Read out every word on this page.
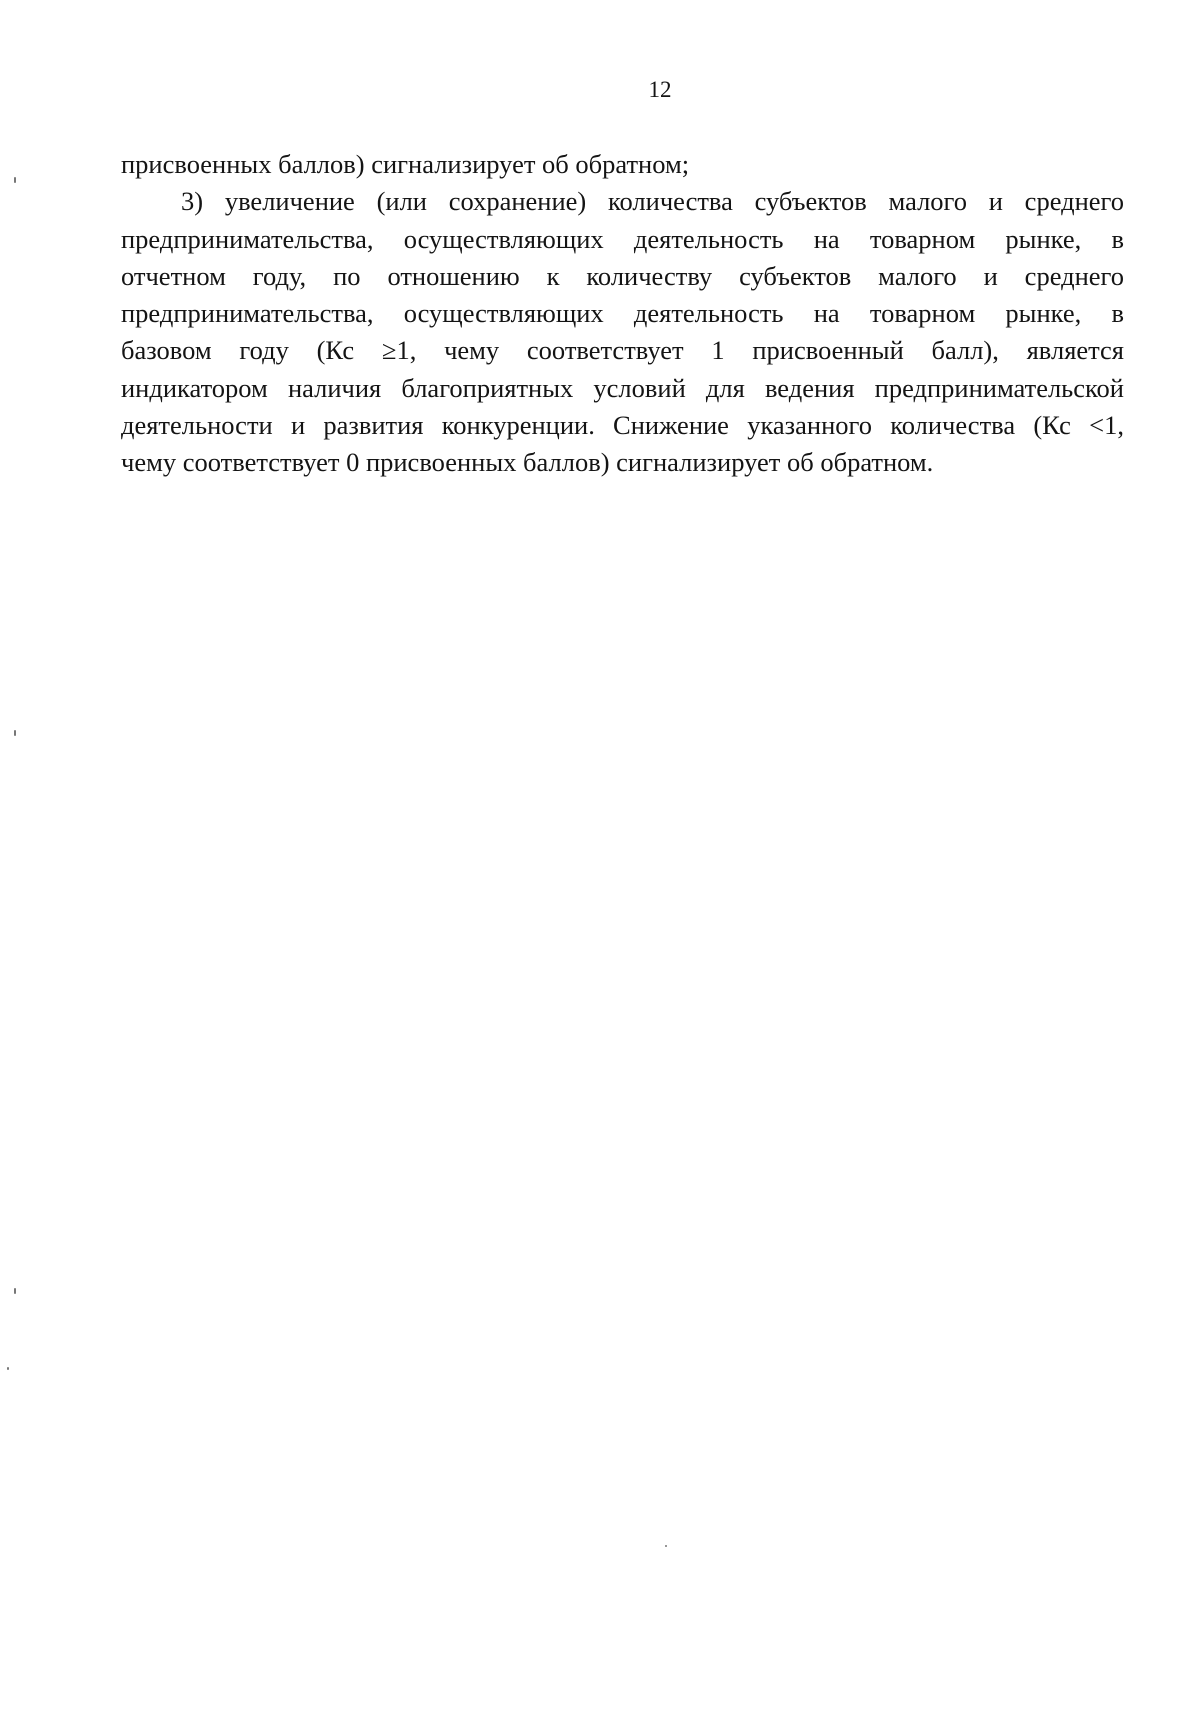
12
присвоенных баллов) сигнализирует об обратном;
3) увеличение (или сохранение) количества субъектов малого и среднего
предпринимательства, осуществляющих деятельность на товарном рынке, в
отчетном году, по отношению к количеству субъектов малого и среднего
предпринимательства, осуществляющих деятельность на товарном рынке, в
базовом году (Кс ≥1, чему соответствует 1 присвоенный балл), является
индикатором наличия благоприятных условий для ведения предпринимательской
деятельности и развития конкуренции. Снижение указанного количества (Кс <1,
чему соответствует 0 присвоенных баллов) сигнализирует об обратном.
